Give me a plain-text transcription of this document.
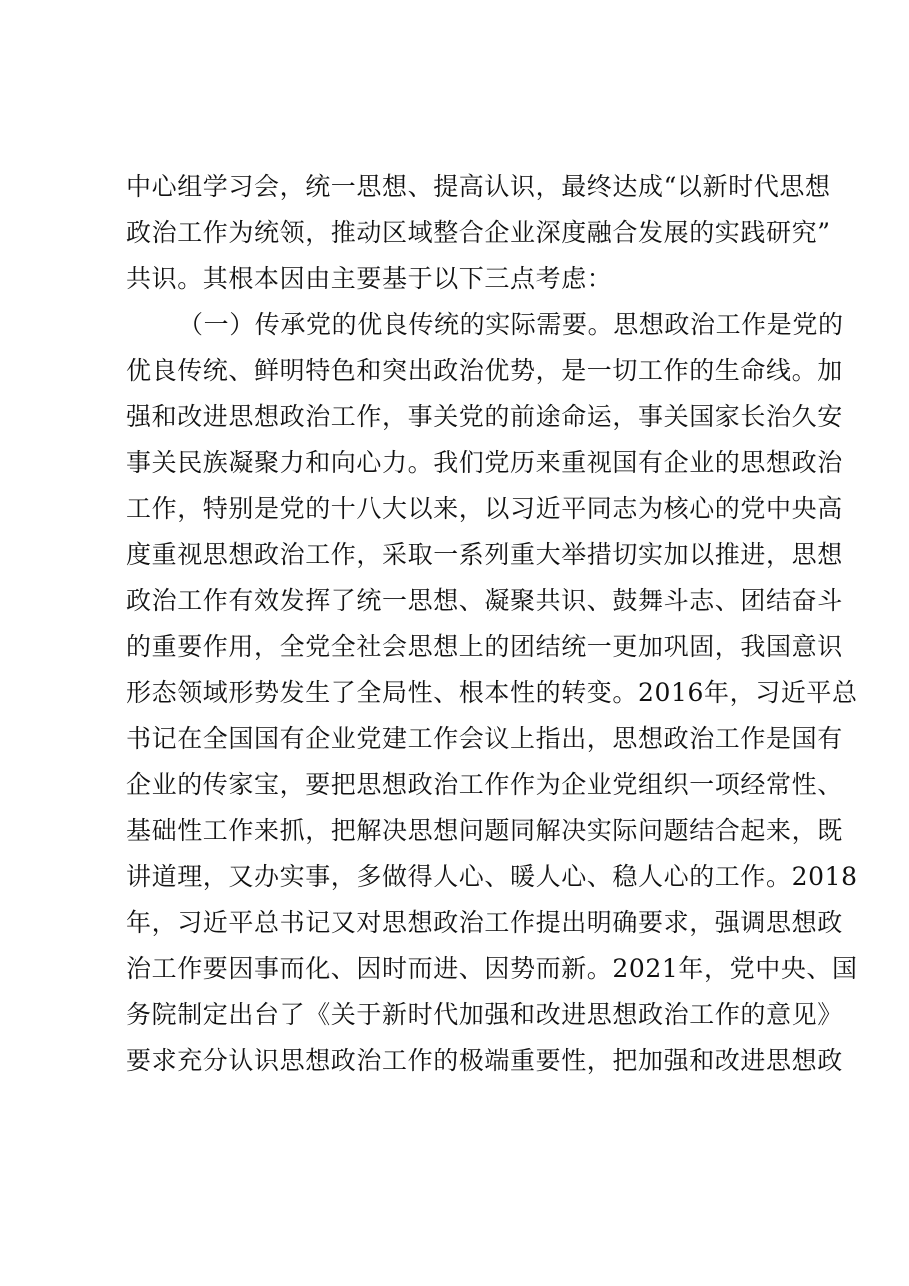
中心组学习会，统一思想、提高认识，最终达成“以新时代思想
政治工作为统领，推动区域整合企业深度融合发展的实践研究”
共识。其根本因由主要基于以下三点考虑：
（一）传承党的优良传统的实际需要。思想政治工作是党的
优良传统、鲜明特色和突出政治优势，是一切工作的生命线。加
强和改进思想政治工作，事关党的前途命运，事关国家长治久安
事关民族凝聚力和向心力。我们党历来重视国有企业的思想政治
工作，特别是党的十八大以来，以习近平同志为核心的党中央高
度重视思想政治工作，采取一系列重大举措切实加以推进，思想
政治工作有效发挥了统一思想、凝聚共识、鼓舞斗志、团结奋斗
的重要作用，全党全社会思想上的团结统一更加巩固，我国意识
形态领域形势发生了全局性、根本性的转变。2016年，习近平总
书记在全国国有企业党建工作会议上指出，思想政治工作是国有
企业的传家宝，要把思想政治工作作为企业党组织一项经常性、
基础性工作来抓，把解决思想问题同解决实际问题结合起来，既
讲道理，又办实事，多做得人心、暖人心、稳人心的工作。2018
年，习近平总书记又对思想政治工作提出明确要求，强调思想政
治工作要因事而化、因时而进、因势而新。2021年，党中央、国
务院制定出台了《关于新时代加强和改进思想政治工作的意见》
要求充分认识思想政治工作的极端重要性，把加强和改进思想政
